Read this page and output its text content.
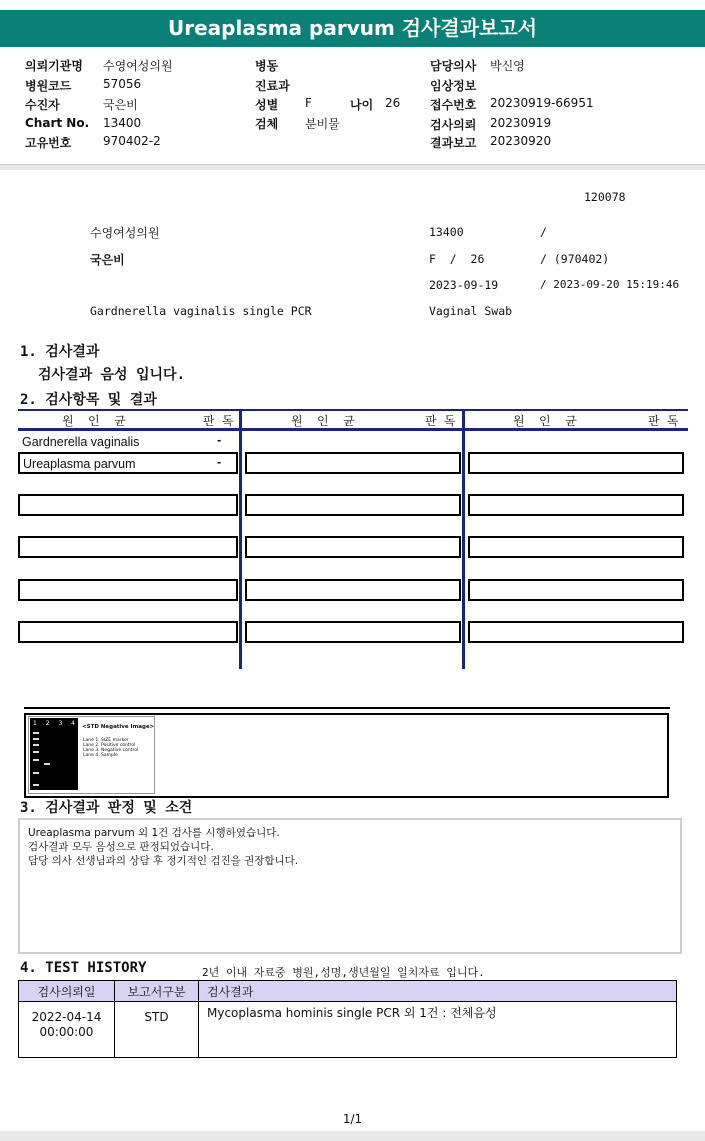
Ureaplasma parvum 검사결과보고서
의뢰기관명 수영여성의원
병원코드	57056
수진자	국은비
Chart No. 13400
고유번호	970402-2
병동
진료과
성별 F	나이 26
검체 분비물
담당의사 박신영
임상정보
접수번호 20230919-66951
검사의뢰 20230919
결과보고 20230920
120078
수영여성의원	13400	/
국은비	F  /  26	/ (970402)
2023-09-19	/ 2023-09-20 15:19:46
Gardnerella vaginalis single PCR	Vaginal Swab
1. 검사결과
검사결과 음성 입니다.
2. 검사항목 및 결과
원  인  균	판 독	원  인  균	판 독	원  인  균	판 독
Gardnerella vaginalis	-
Ureaplasma parvum	-
1 2 3 4 <STD Negative Image>
Lane 1. SIZE marker
Lane 2. Positive control
Lane 3. Negative control
Lane 4. Sample
3. 검사결과 판정 및 소견
Ureaplasma parvum 외 1건 검사를 시행하였습니다.
검사결과 모두 음성으로 판정되었습니다.
담당 의사 선생님과의 상담 후 정기적인 검진을 권장합니다.
4. TEST HISTORY	2년 이내 자료중 병원,성명,생년월일 일치자료 입니다.
검사의뢰일	보고서구분	검사결과

2022-04-14
00:00:00	STD	Mycoplasma hominis single PCR 외 1건 : 전체음성
1/1
